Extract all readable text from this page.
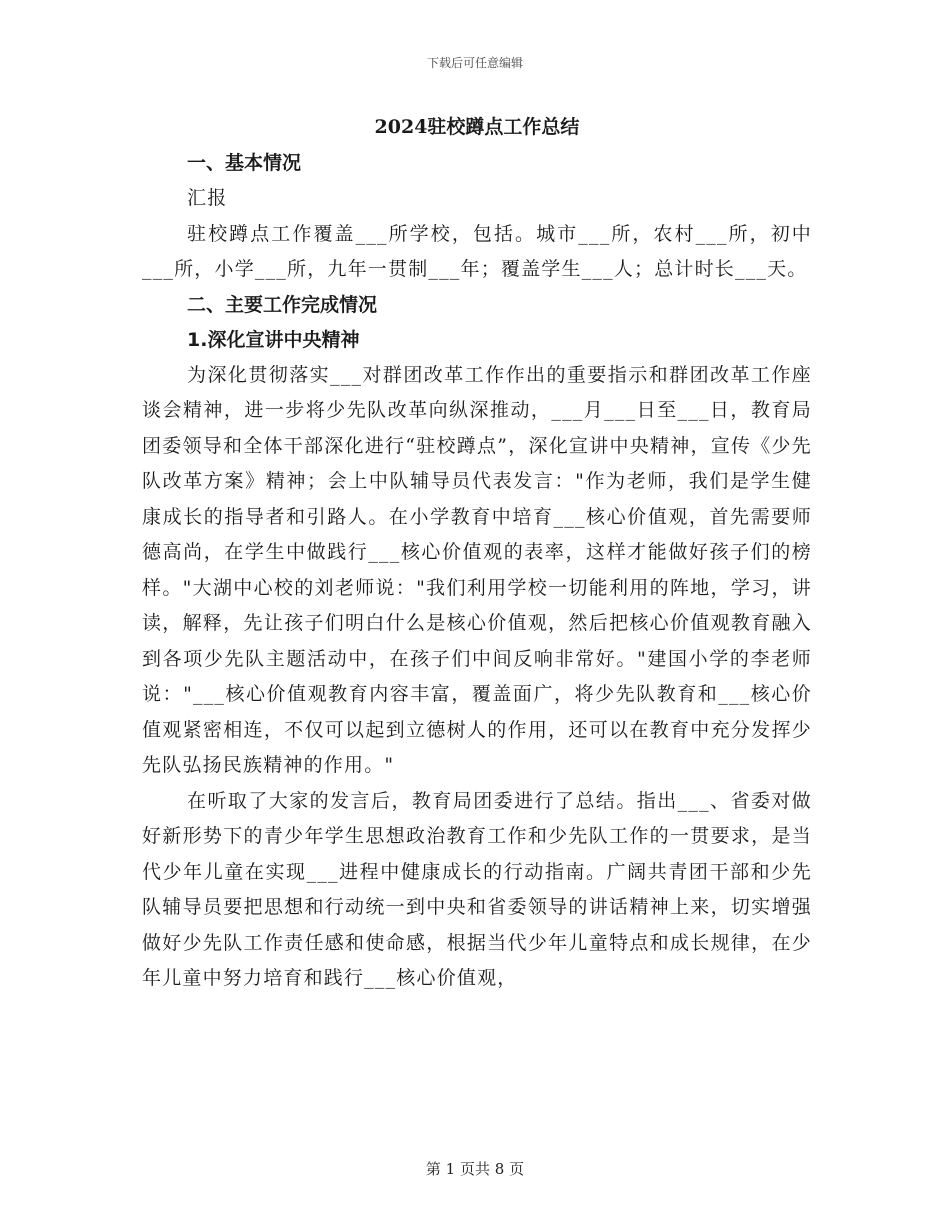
下载后可任意编辑
2024驻校蹲点工作总结
一、基本情况

汇报

驻校蹲点工作覆盖___所学校，包括。城市___所，农村___所，初中___所，小学___所，九年一贯制___年；覆盖学生___人；总计时长___天。

二、主要工作完成情况
1.深化宣讲中央精神

为深化贯彻落实___对群团改革工作作出的重要指示和群团改革工作座谈会精神，进一步将少先队改革向纵深推动，___月___日至___日，教育局团委领导和全体干部深化进行“驻校蹲点”，深化宣讲中央精神，宣传《少先队改革方案》精神；会上中队辅导员代表发言："作为老师，我们是学生健康成长的指导者和引路人。在小学教育中培育___核心价值观，首先需要师德高尚，在学生中做践行___核心价值观的表率，这样才能做好孩子们的榜样。"大湖中心校的刘老师说："我们利用学校一切能利用的阵地，学习，讲读，解释，先让孩子们明白什么是核心价值观，然后把核心价值观教育融入到各项少先队主题活动中，在孩子们中间反响非常好。"建国小学的李老师说："___核心价值观教育内容丰富，覆盖面广，将少先队教育和___核心价值观紧密相连，不仅可以起到立德树人的作用，还可以在教育中充分发挥少先队弘扬民族精神的作用。"

在听取了大家的发言后，教育局团委进行了总结。指出___、省委对做好新形势下的青少年学生思想政治教育工作和少先队工作的一贯要求，是当代少年儿童在实现___进程中健康成长的行动指南。广阔共青团干部和少先队辅导员要把思想和行动统一到中央和省委领导的讲话精神上来，切实增强做好少先队工作责任感和使命感，根据当代少年儿童特点和成长规律，在少年儿童中努力培育和践行___核心价值观，

第 1 页共 8 页
